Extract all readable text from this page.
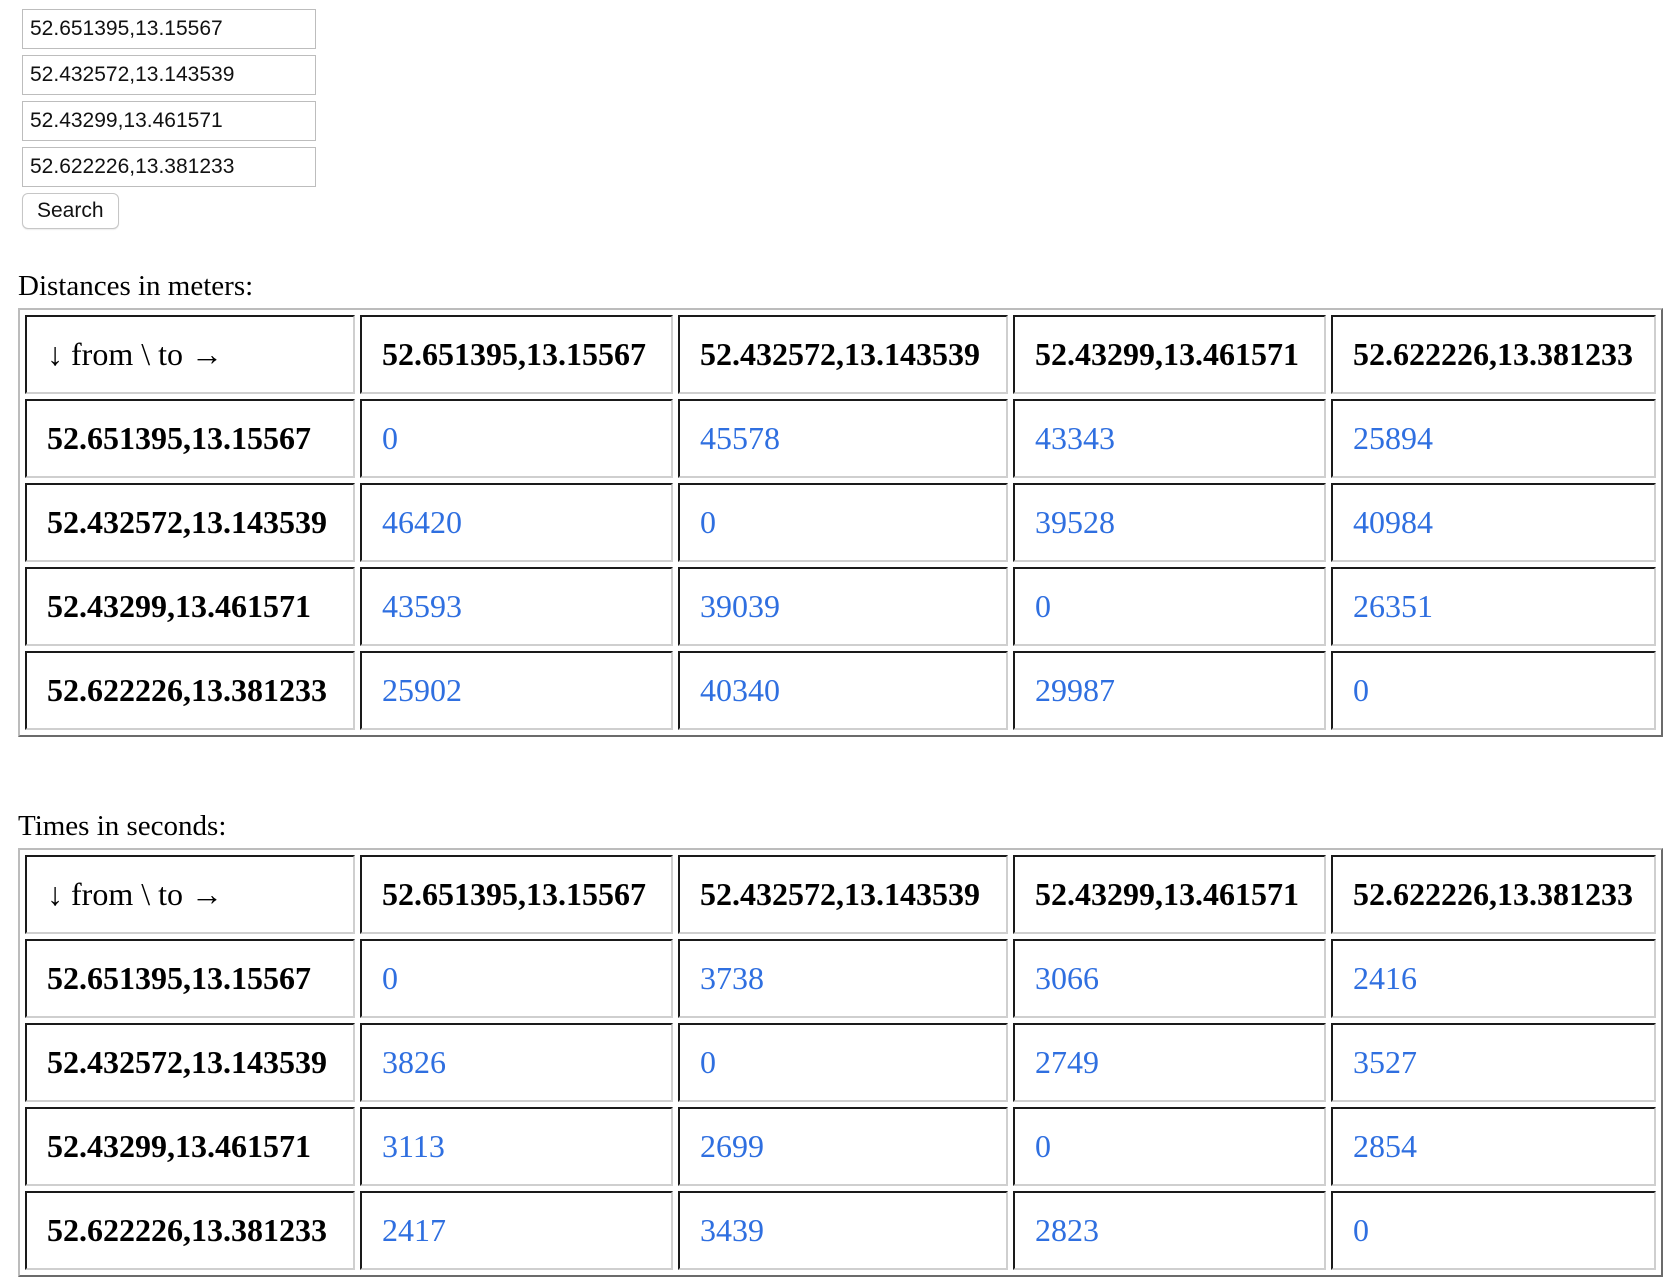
52.651395,13.15567
52.432572,13.143539
52.43299,13.461571
52.622226,13.381233
Search
Distances in meters:
↓ from \ to →	52.651395,13.15567	52.432572,13.143539	52.43299,13.461571	52.622226,13.381233
52.651395,13.15567	0	45578	43343	25894
52.432572,13.143539	46420	0	39528	40984
52.43299,13.461571	43593	39039	0	26351
52.622226,13.381233	25902	40340	29987	0
Times in seconds:
↓ from \ to →	52.651395,13.15567	52.432572,13.143539	52.43299,13.461571	52.622226,13.381233
52.651395,13.15567	0	3738	3066	2416
52.432572,13.143539	3826	0	2749	3527
52.43299,13.461571	3113	2699	0	2854
52.622226,13.381233	2417	3439	2823	0
